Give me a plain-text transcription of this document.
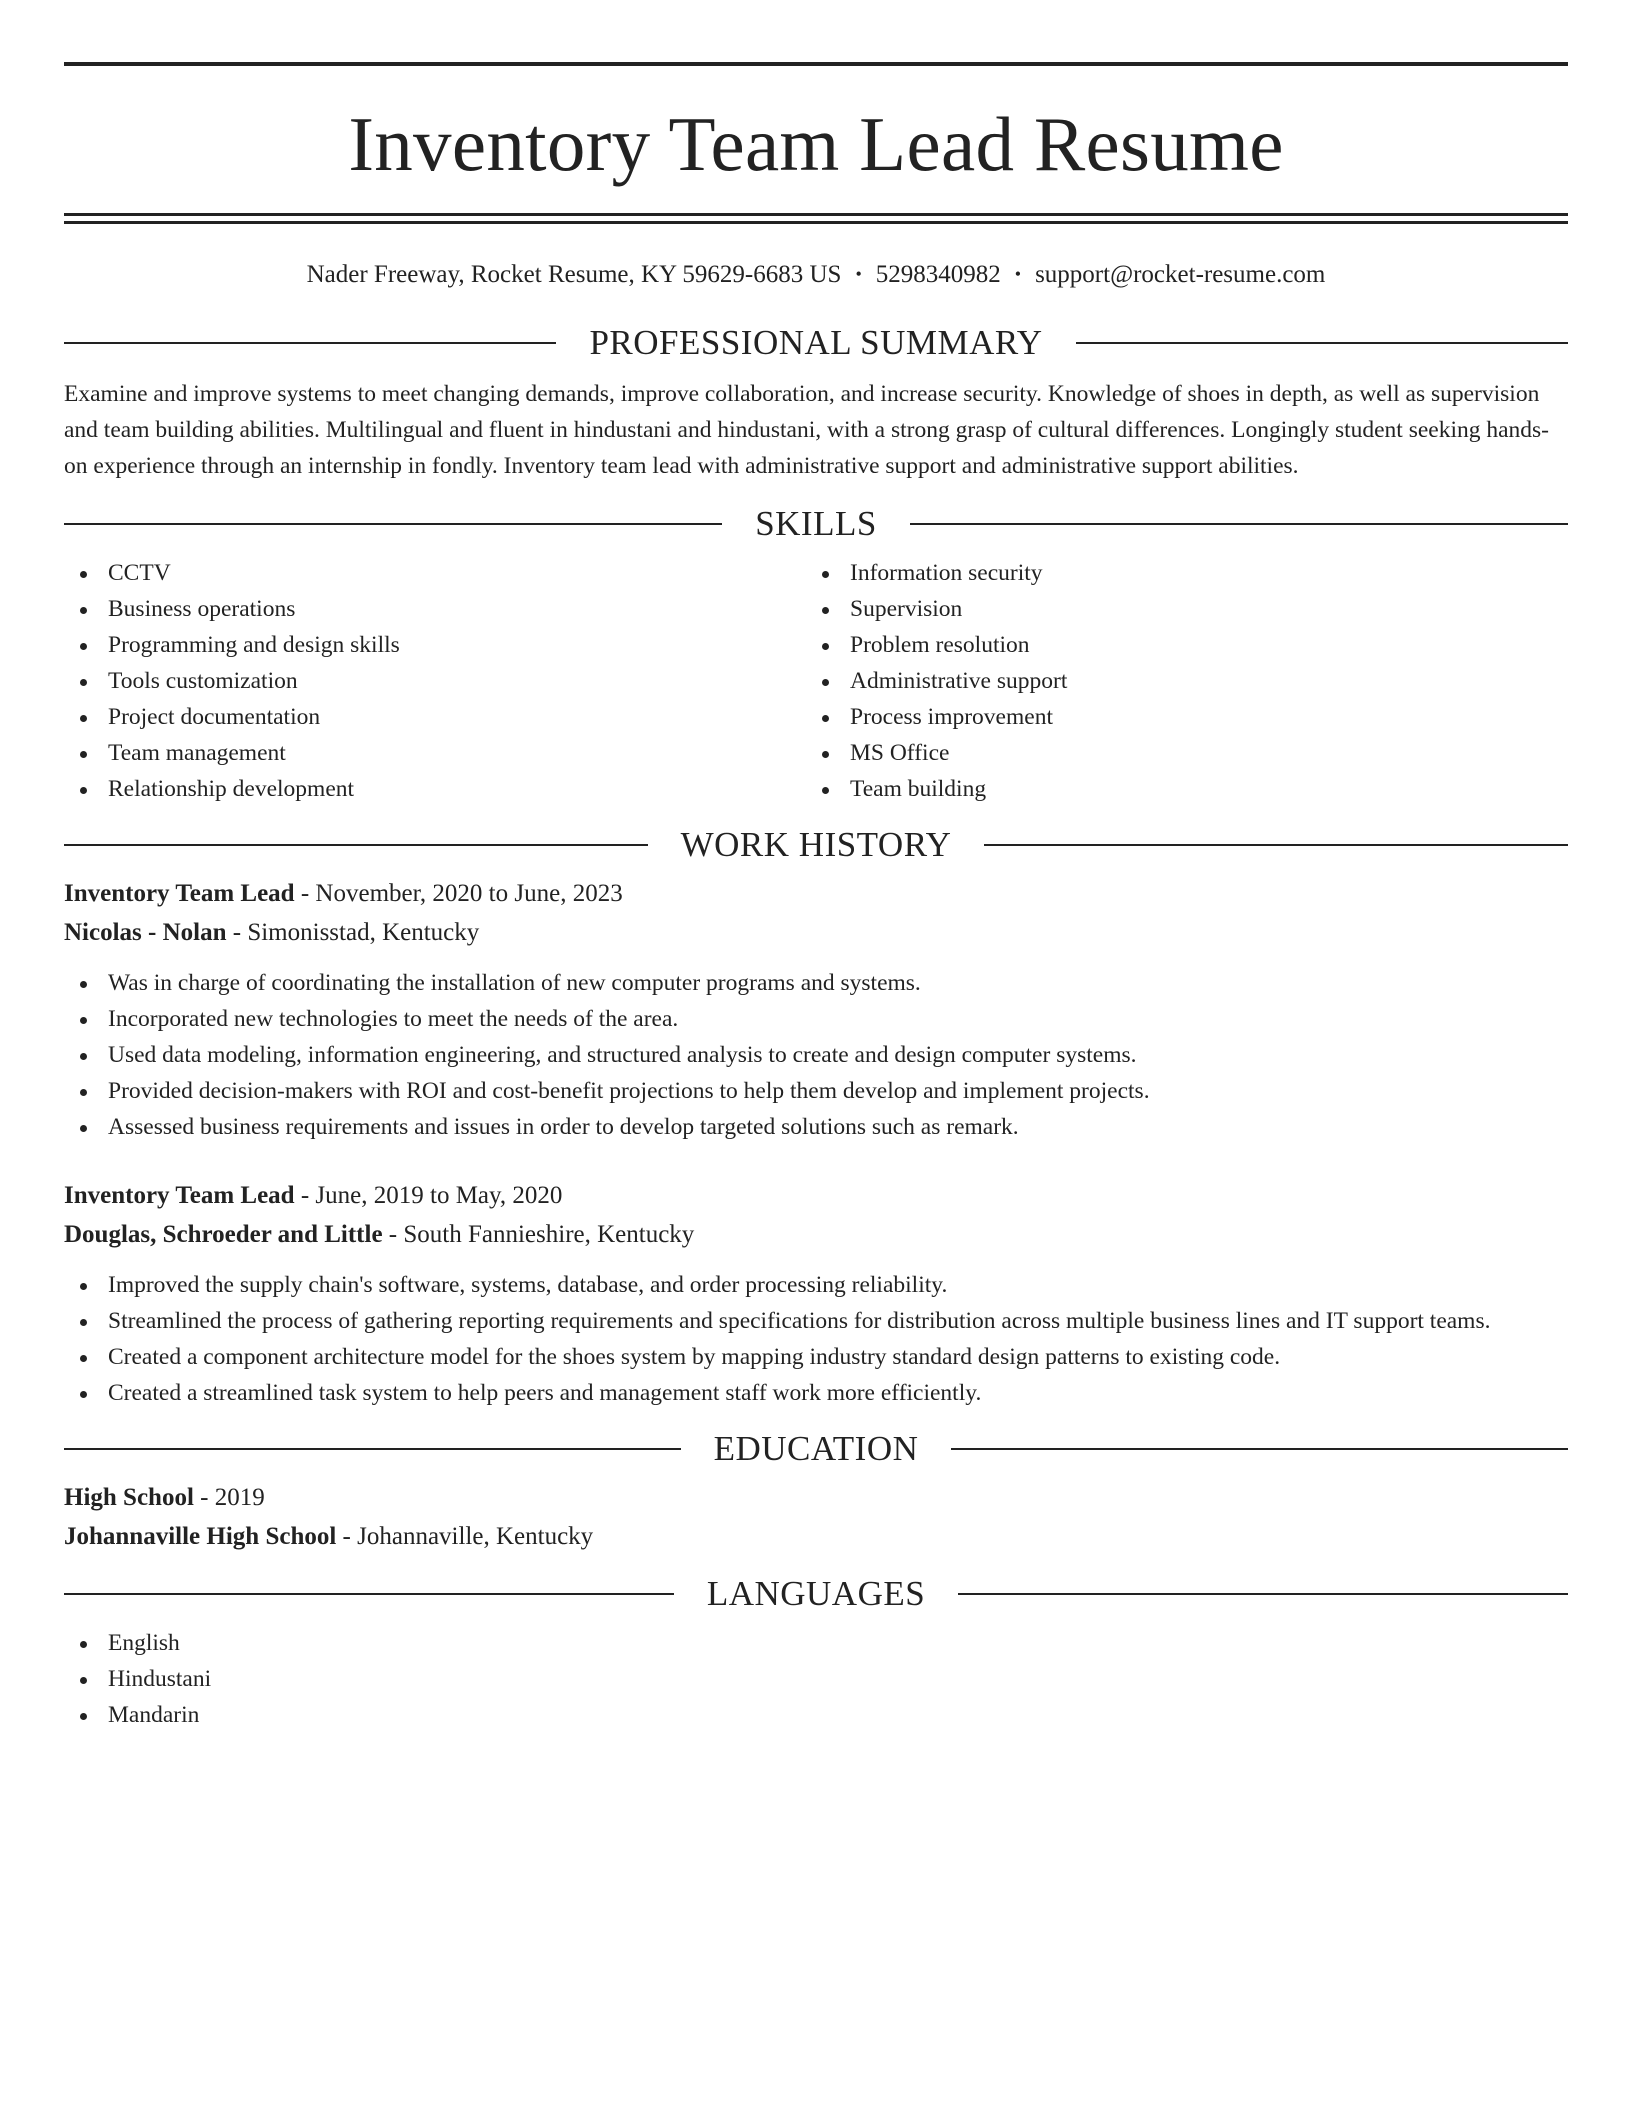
Inventory Team Lead Resume
Nader Freeway, Rocket Resume, KY 59629-6683 US • 5298340982 • support@rocket-resume.com
PROFESSIONAL SUMMARY

Examine and improve systems to meet changing demands, improve collaboration, and increase security. Knowledge of shoes in depth, as well as supervision and team building abilities. Multilingual and fluent in hindustani and hindustani, with a strong grasp of cultural differences. Longingly student seeking hands-on experience through an internship in fondly. Inventory team lead with administrative support and administrative support abilities.

SKILLS
CCTV
Business operations
Programming and design skills
Tools customization
Project documentation
Team management
Relationship development
Information security
Supervision
Problem resolution
Administrative support
Process improvement
MS Office
Team building
WORK HISTORY
Inventory Team Lead - November, 2020 to June, 2023
Nicolas - Nolan - Simonisstad, Kentucky
Was in charge of coordinating the installation of new computer programs and systems.
Incorporated new technologies to meet the needs of the area.
Used data modeling, information engineering, and structured analysis to create and design computer systems.
Provided decision-makers with ROI and cost-benefit projections to help them develop and implement projects.
Assessed business requirements and issues in order to develop targeted solutions such as remark.
Inventory Team Lead - June, 2019 to May, 2020
Douglas, Schroeder and Little - South Fannieshire, Kentucky
Improved the supply chain's software, systems, database, and order processing reliability.
Streamlined the process of gathering reporting requirements and specifications for distribution across multiple business lines and IT support teams.
Created a component architecture model for the shoes system by mapping industry standard design patterns to existing code.
Created a streamlined task system to help peers and management staff work more efficiently.
EDUCATION
High School - 2019
Johannaville High School - Johannaville, Kentucky
LANGUAGES
English
Hindustani
Mandarin
